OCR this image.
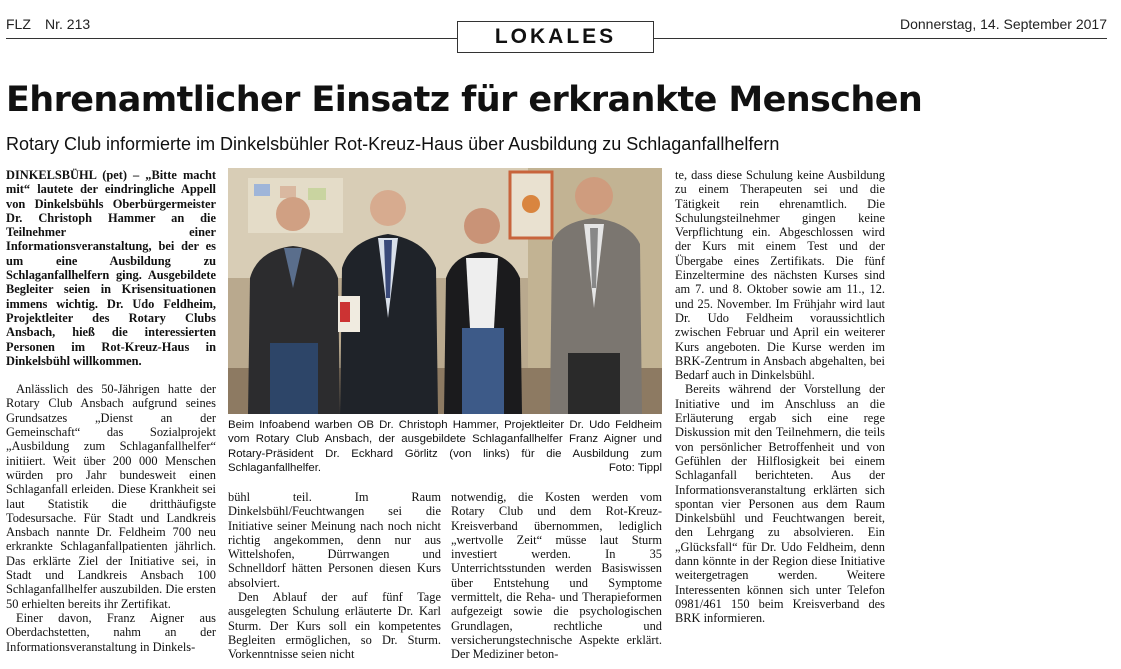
FLZ Nr. 213	Donnerstag, 14. September 2017
LOKALES
Ehrenamtlicher Einsatz für erkrankte Menschen
Rotary Club informierte im Dinkelsbühler Rot-Kreuz-Haus über Ausbildung zu Schlaganfallhelfern

DINKELSBÜHL (pet) – „Bitte macht mit“ lautete der eindringliche Appell von Dinkelsbühls Oberbürgermeister Dr. Christoph Hammer an die Teilnehmer einer Informationsveranstaltung, bei der es um eine Ausbildung zu Schlaganfallhelfern ging. Ausgebildete Begleiter seien in Krisensituationen immens wichtig. Dr. Udo Feldheim, Projektleiter des Rotary Clubs Ansbach, hieß die interessierten Personen im Rot-Kreuz-Haus in Dinkelsbühl willkommen.

Anlässlich des 50-Jährigen hatte der Rotary Club Ansbach aufgrund seines Grundsatzes „Dienst an der Gemeinschaft“ das Sozialprojekt „Ausbildung zum Schlaganfallhelfer“ initiiert. Weit über 200 000 Menschen würden pro Jahr bundesweit einen Schlaganfall erleiden. Diese Krankheit sei laut Statistik die dritthäufigste Todesursache. Für Stadt und Landkreis Ansbach nannte Dr. Feldheim 700 neu erkrankte Schlaganfallpatienten jährlich. Das erklärte Ziel der Initiative sei, in Stadt und Landkreis Ansbach 100 Schlaganfallhelfer auszubilden. Die ersten 50 erhielten bereits ihr Zertifikat.

Einer davon, Franz Aigner aus Oberdachstetten, nahm an der Informationsveranstaltung in Dinkels-

Beim Infoabend warben OB Dr. Christoph Hammer, Projektleiter Dr. Udo Feldheim vom Rotary Club Ansbach, der ausgebildete Schlaganfallhelfer Franz Aigner und Rotary-Präsident Dr. Eckhard Görlitz (von links) für die Ausbildung zum Schlaganfallhelfer.	Foto: Tippl

bühl teil. Im Raum Dinkelsbühl/Feuchtwangen sei die Initiative seiner Meinung nach noch nicht richtig angekommen, denn nur aus Wittelshofen, Dürrwangen und Schnelldorf hätten Personen diesen Kurs absolviert.

Den Ablauf der auf fünf Tage ausgelegten Schulung erläuterte Dr. Karl Sturm. Der Kurs soll ein kompetentes Begleiten ermöglichen, so Dr. Sturm. Vorkenntnisse seien nicht

notwendig, die Kosten werden vom Rotary Club und dem Rot-Kreuz-Kreisverband übernommen, lediglich „wertvolle Zeit“ müsse laut Sturm investiert werden. In 35 Unterrichtsstunden werden Basiswissen über Entstehung und Symptome vermittelt, die Reha- und Therapieformen aufgezeigt sowie die psychologischen Grundlagen, rechtliche und versicherungstechnische Aspekte erklärt. Der Mediziner beton-

te, dass diese Schulung keine Ausbildung zu einem Therapeuten sei und die Tätigkeit rein ehrenamtlich. Die Schulungsteilnehmer gingen keine Verpflichtung ein. Abgeschlossen wird der Kurs mit einem Test und der Übergabe eines Zertifikats. Die fünf Einzeltermine des nächsten Kurses sind am 7. und 8. Oktober sowie am 11., 12. und 25. November. Im Frühjahr wird laut Dr. Udo Feldheim voraussichtlich zwischen Februar und April ein weiterer Kurs angeboten. Die Kurse werden im BRK-Zentrum in Ansbach abgehalten, bei Bedarf auch in Dinkelsbühl.

Bereits während der Vorstellung der Initiative und im Anschluss an die Erläuterung ergab sich eine rege Diskussion mit den Teilnehmern, die teils von persönlicher Betroffenheit und von Gefühlen der Hilflosigkeit bei einem Schlaganfall berichteten. Aus der Informationsveranstaltung erklärten sich spontan vier Personen aus dem Raum Dinkelsbühl und Feuchtwangen bereit, den Lehrgang zu absolvieren. Ein „Glücksfall“ für Dr. Udo Feldheim, denn dann könnte in der Region diese Initiative weitergetragen werden. Weitere Interessenten können sich unter Telefon 0981/461 150 beim Kreisverband des BRK informieren.
